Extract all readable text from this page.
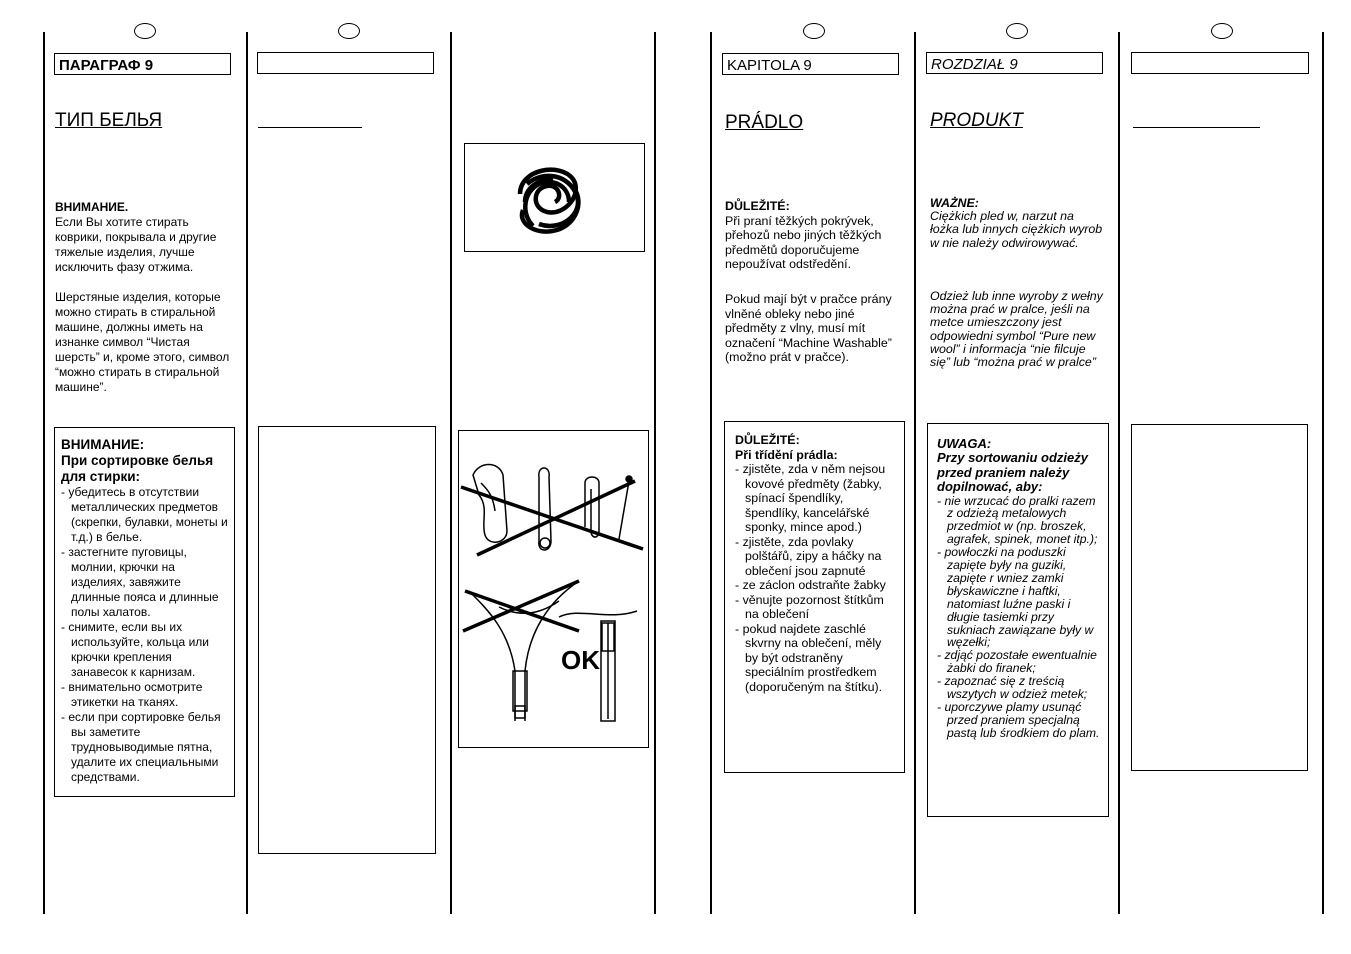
ПАРАГРАФ 9
ТИП БЕЛЬЯ
ВНИМАНИЕ.
Если Вы хотите стирать коврики, покрывала и другие тяжелые изделия, лучше исключить фазу отжима.
Шерстяные изделия, которые можно стирать в стиральной машине, должны иметь на изнанке символ “Чистая шерсть” и, кроме этого, символ “можно стирать в стиральной машине”.
ВНИМАНИЕ:
При сортировке белья для стирки:
- убедитесь в отсутствии металлических предметов (скрепки, булавки, монеты и т.д.) в белье.
- застегните пуговицы, молнии, крючки на изделиях, завяжите длинные пояса и длинные полы халатов.
- снимите, если вы их используйте, кольца или крючки крепления занавесок к карнизам.
- внимательно осмотрите этикетки на тканях.
- если при сортировке белья вы заметите трудновыводимые пятна, удалите их специальными средствами.
OK
KAPITOLA 9
PRÁDLO
DŮLEŽITÉ:
Při praní těžkých pokrývek, přehozů nebo jiných těžkých předmětů doporučujeme nepoužívat odstředění.
Pokud mají být v pračce prány vlněné obleky nebo jiné předměty z vlny, musí mít označení “Machine Washable” (možno prát v pračce).
DŮLEŽITÉ:
Při třídění prádla:
- zjistěte, zda v něm nejsou kovové předměty (žabky, spínací špendlíky, špendlíky, kancelářské sponky, mince apod.)
- zjistěte, zda povlaky polštářů, zipy a háčky na oblečení jsou zapnuté
- ze záclon odstraňte žabky
- věnujte pozornost štítkům na oblečení
- pokud najdete zaschlé skvrny na oblečení, měly by být odstraněny speciálním prostředkem (doporučeným na štítku).
ROZDZIAŁ 9
PRODUKT
WAŻNE:
Ciężkich pled w, narzut na łożka lub innych ciężkich wyrob w nie należy odwirowywać.
Odzież lub inne wyroby z wełny można prać w pralce, jeśli na metce umieszczony jest odpowiedni symbol “Pure new wool” i informacja “nie filcuje się” lub “można prać w pralce”
UWAGA:
Przy sortowaniu odzieży przed praniem należy dopilnować, aby:
- nie wrzucać do pralki razem z odzieżą metalowych przedmiot w (np. broszek, agrafek, spinek, monet itp.);
- powłoczki na poduszki zapięte były na guziki, zapięte r wniez zamki błyskawiczne i haftki, natomiast luźne paski i długie tasiemki przy sukniach zawiązane były w węzełki;
- zdjąć pozostałe ewentualnie żabki do firanek;
- zapoznać się z treścią wszytych w odzież metek;
- uporczywe plamy usunąć przed praniem specjalną pastą lub środkiem do plam.
